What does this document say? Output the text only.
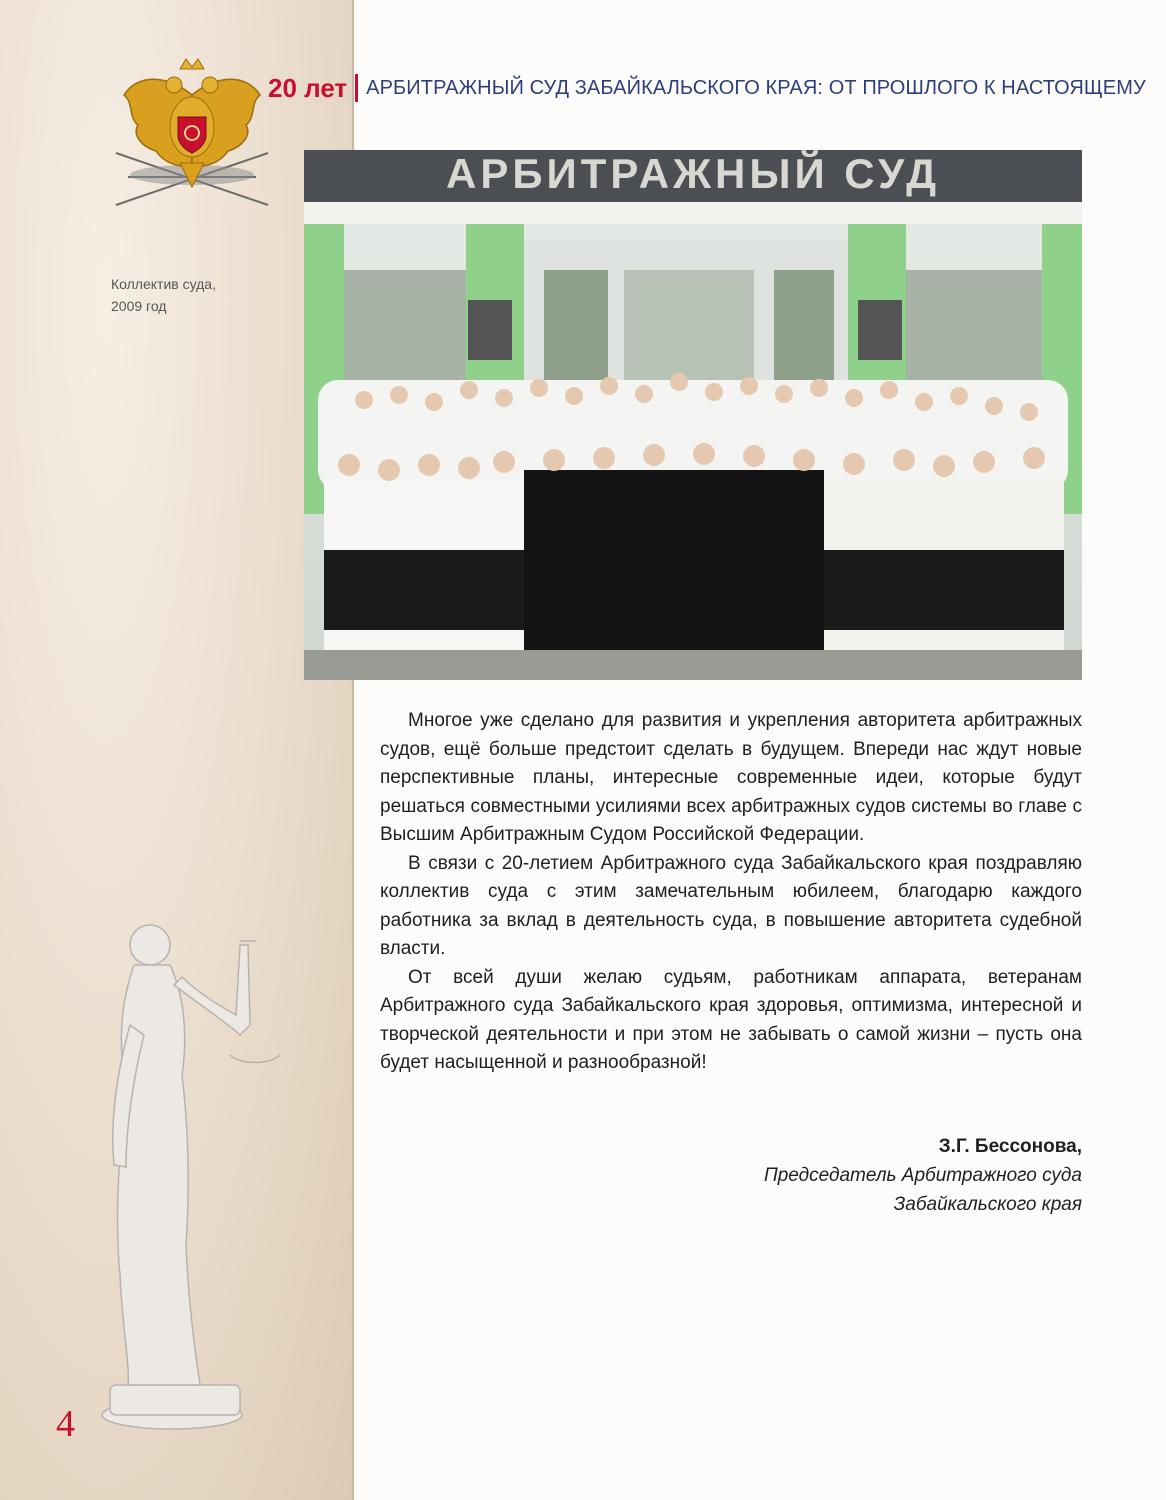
Коллектив суда,
2009 год
20 лет АРБИТРАЖНЫЙ СУД ЗАБАЙКАЛЬСКОГО КРАЯ: ОТ ПРОШЛОГО К НАСТОЯЩЕМУ
АРБИТРАЖНЫЙ СУД

Многое уже сделано для развития и укрепления авторитета арбитражных судов, ещё больше предстоит сделать в будущем. Впереди нас ждут новые перспективные планы, интересные современные идеи, которые будут решаться совместными усилиями всех арбитражных судов системы во главе с Высшим Арбитражным Судом Российской Федерации.

В связи с 20-летием Арбитражного суда Забайкальского края поздравляю коллектив суда с этим замечательным юбилеем, благодарю каждого работника за вклад в деятельность суда, в повышение авторитета судебной власти.

От всей души желаю судьям, работникам аппарата, ветеранам Арбитражного суда Забайкальского края здоровья, оптимизма, интересной и творческой деятельности и при этом не забывать о самой жизни – пусть она будет насыщенной и разнообразной!

З.Г. Бессонова,
Председатель Арбитражного суда
Забайкальского края
4
